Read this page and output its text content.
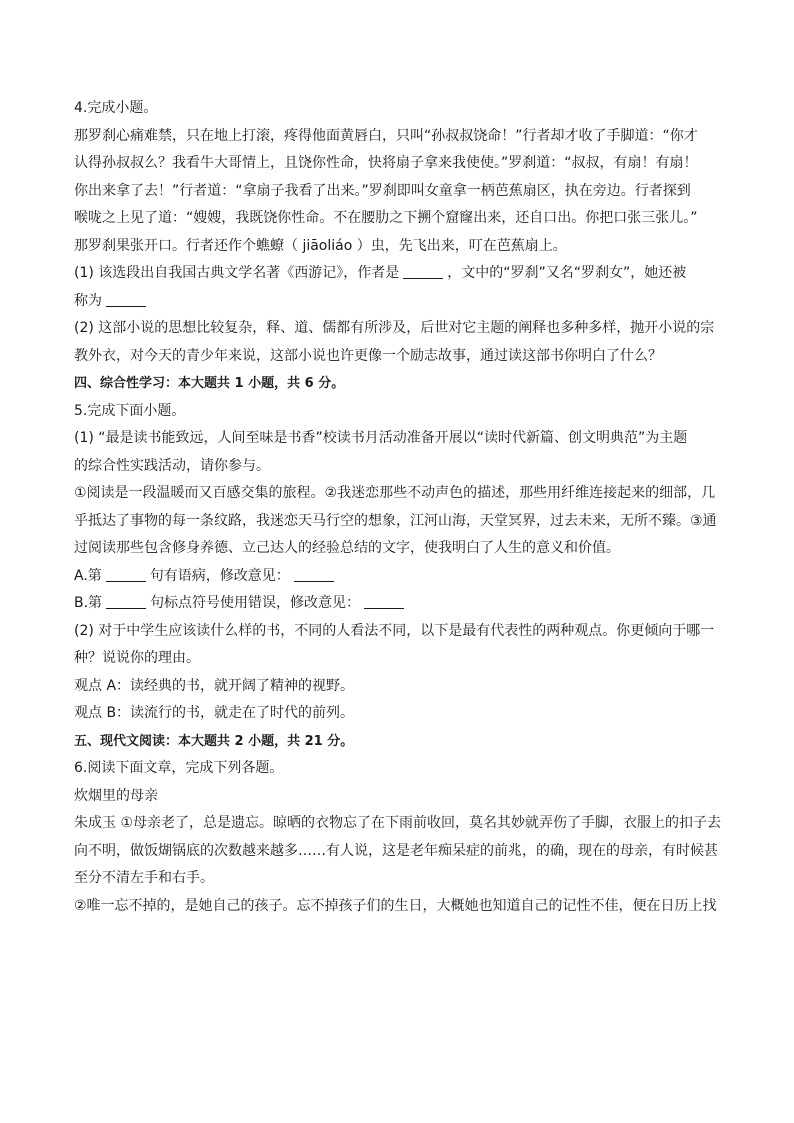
4.完成小题。

那罗刹心痛难禁，只在地上打滚，疼得他面黄唇白，只叫“孙叔叔饶命！”行者却才收了手脚道：“你才

认得孙叔叔么？我看牛大哥情上，且饶你性命，快将扇子拿来我使使。”罗刹道：“叔叔，有扇！有扇！

你出来拿了去！”行者道：“拿扇子我看了出来。”罗刹即叫女童拿一柄芭蕉扇区，执在旁边。行者探到

喉咙之上见了道：“嫂嫂，我既饶你性命。不在腰肋之下搠个窟窿出来，还自口出。你把口张三张儿。”

那罗刹果张开口。行者还作个蟭蟟（ jiāoliáo ）虫，先飞出来，叮在芭蕉扇上。

(1) 该选段出自我国古典文学名著《西游记》，作者是	，文中的“罗刹”又名“罗刹女”，她还被

称为

(2) 这部小说的思想比较复杂，释、道、儒都有所涉及，后世对它主题的阐释也多种多样，抛开小说的宗

教外衣，对今天的青少年来说，这部小说也许更像一个励志故事，通过读这部书你明白了什么？

四、综合性学习：本大题共 1 小题，共 6 分。

5.完成下面小题。

(1) “最是读书能致远，人间至味是书香”校读书月活动准备开展以“读时代新篇、创文明典范”为主题

的综合性实践活动，请你参与。

①阅读是一段温暖而又百感交集的旅程。②我迷恋那些不动声色的描述，那些用纤维连接起来的细部，几

乎抵达了事物的每一条纹路，我迷恋天马行空的想象，江河山海，天堂冥界，过去未来，无所不臻。③通

过阅读那些包含修身养德、立己达人的经验总结的文字，使我明白了人生的意义和价值。

A.第	句有语病，修改意见：

B.第	句标点符号使用错误，修改意见：

(2) 对于中学生应该读什么样的书，不同的人看法不同，以下是最有代表性的两种观点。你更倾向于哪一

种？说说你的理由。

观点 A：读经典的书，就开阔了精神的视野。

观点 B：读流行的书，就走在了时代的前列。

五、现代文阅读：本大题共 2 小题，共 21 分。

6.阅读下面文章，完成下列各题。

炊烟里的母亲

朱成玉 ①母亲老了，总是遗忘。晾晒的衣物忘了在下雨前收回，莫名其妙就弄伤了手脚，衣服上的扣子去

向不明，做饭煳锅底的次数越来越多……有人说，这是老年痴呆症的前兆，的确，现在的母亲，有时候甚

至分不清左手和右手。

②唯一忘不掉的，是她自己的孩子。忘不掉孩子们的生日，大概她也知道自己的记性不佳，便在日历上找
